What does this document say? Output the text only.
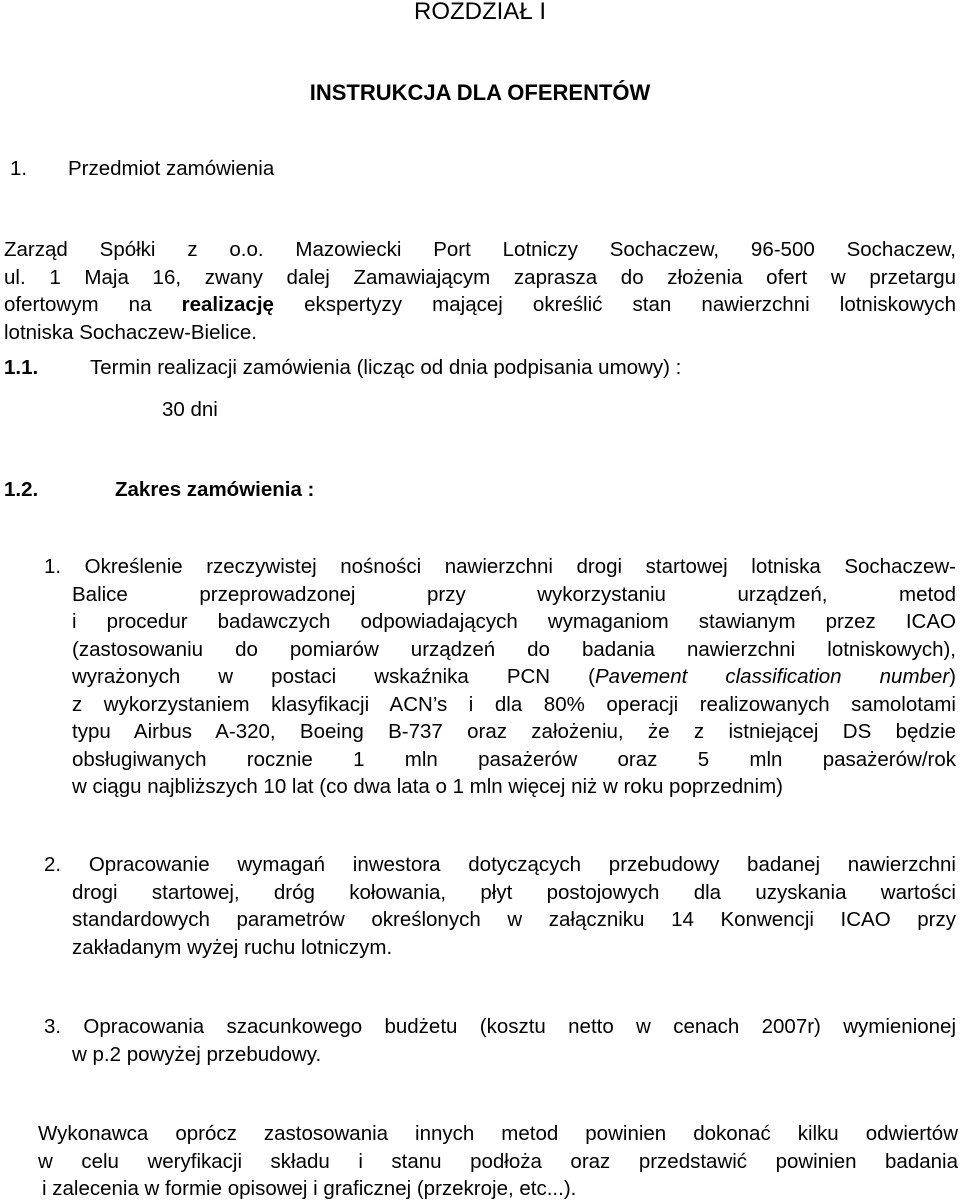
ROZDZIAŁ I
INSTRUKCJA DLA OFERENTÓW
1. Przedmiot zamówienia
Zarząd Spółki z o.o. Mazowiecki Port Lotniczy Sochaczew, 96-500 Sochaczew,
ul. 1 Maja 16, zwany dalej Zamawiającym zaprasza do złożenia ofert w przetargu
ofertowym na realizację ekspertyzy mającej określić stan nawierzchni lotniskowych
lotniska Sochaczew-Bielice.
1.1.	Termin realizacji zamówienia (licząc od dnia podpisania umowy) :
30 dni
1.2.	Zakres zamówienia :
1. Określenie rzeczywistej nośności nawierzchni drogi startowej lotniska Sochaczew-
Balice przeprowadzonej przy wykorzystaniu urządzeń, metod
i procedur badawczych odpowiadających wymaganiom stawianym przez ICAO
(zastosowaniu do pomiarów urządzeń do badania nawierzchni lotniskowych),
wyrażonych w postaci wskaźnika PCN (Pavement classification number)
z wykorzystaniem klasyfikacji ACN’s i dla 80% operacji realizowanych samolotami
typu Airbus A-320, Boeing B-737 oraz założeniu, że z istniejącej DS będzie
obsługiwanych rocznie 1 mln pasażerów oraz 5 mln pasażerów/rok
w ciągu najbliższych 10 lat (co dwa lata o 1 mln więcej niż w roku poprzednim)
2. Opracowanie wymagań inwestora dotyczących przebudowy badanej nawierzchni
drogi startowej, dróg kołowania, płyt postojowych dla uzyskania wartości
standardowych parametrów określonych w załączniku 14 Konwencji ICAO przy
zakładanym wyżej ruchu lotniczym.
3. Opracowania szacunkowego budżetu (kosztu netto w cenach 2007r) wymienionej
w p.2 powyżej przebudowy.
Wykonawca oprócz zastosowania innych metod powinien dokonać kilku odwiertów
w celu weryfikacji składu i stanu podłoża oraz przedstawić powinien badania
i zalecenia w formie opisowej i graficznej (przekroje, etc...).
